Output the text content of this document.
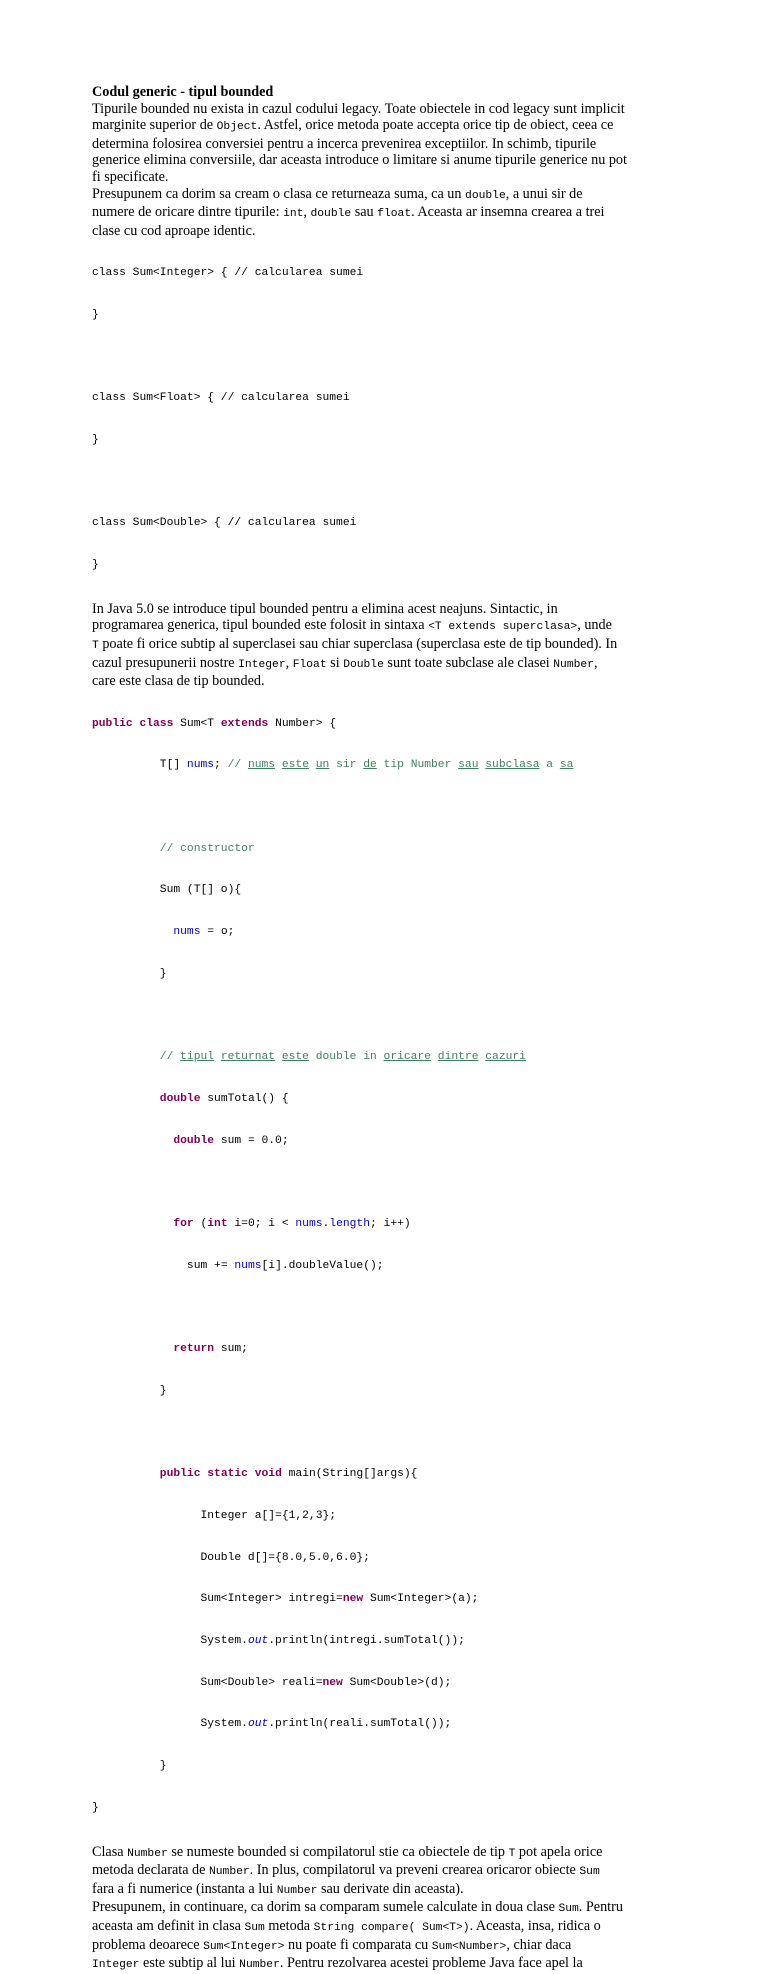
Codul generic - tipul bounded
Tipurile bounded nu exista in cazul codului legacy. Toate obiectele in cod legacy sunt implicit
marginite superior de Object. Astfel, orice metoda poate accepta orice tip de obiect, ceea ce
determina folosirea conversiei pentru a incerca prevenirea exceptiilor. In schimb, tipurile
generice elimina conversiile, dar aceasta introduce o limitare si anume tipurile generice nu pot
fi specificate.
Presupunem ca dorim sa cream o clasa ce returneaza suma, ca un double, a unui sir de
numere de oricare dintre tipurile: int, double sau float. Aceasta ar insemna crearea a trei
clase cu cod aproape identic.

class Sum<Integer> { // calcularea sumei

}

class Sum<Float> { // calcularea sumei

}

class Sum<Double> { // calcularea sumei

}

In Java 5.0 se introduce tipul bounded pentru a elimina acest neajuns. Sintactic, in
programarea generica, tipul bounded este folosit in sintaxa <T extends superclasa>, unde
T poate fi orice subtip al superclasei sau chiar superclasa (superclasa este de tip bounded). In
cazul presupunerii nostre Integer, Float si Double sunt toate subclase ale clasei Number,
care este clasa de tip bounded.

public class Sum<T extends Number> {

T[] nums; // nums este un sir de tip Number sau subclasa a sa

// constructor

Sum (T[] o){

nums = o;

}

// tipul returnat este double in oricare dintre cazuri

double sumTotal() {

double sum = 0.0;

for (int i=0; i < nums.length; i++)

sum += nums[i].doubleValue();

return sum;

}

public static void main(String[]args){

Integer a[]={1,2,3};

Double d[]={8.0,5.0,6.0};

Sum<Integer> intregi=new Sum<Integer>(a);

System.out.println(intregi.sumTotal());

Sum<Double> reali=new Sum<Double>(d);

System.out.println(reali.sumTotal());

}

}

Clasa Number se numeste bounded si compilatorul stie ca obiectele de tip T pot apela orice
metoda declarata de Number. In plus, compilatorul va preveni crearea oricaror obiecte Sum
fara a fi numerice (instanta a lui Number sau derivate din aceasta).
Presupunem, in continuare, ca dorim sa comparam sumele calculate in doua clase Sum. Pentru
aceasta am definit in clasa Sum metoda String compare( Sum<T>). Aceasta, insa, ridica o
problema deoarece Sum<Integer> nu poate fi comparata cu Sum<Number>, chiar daca
Integer este subtip al lui Number. Pentru rezolvarea acestei probleme Java face apel la
